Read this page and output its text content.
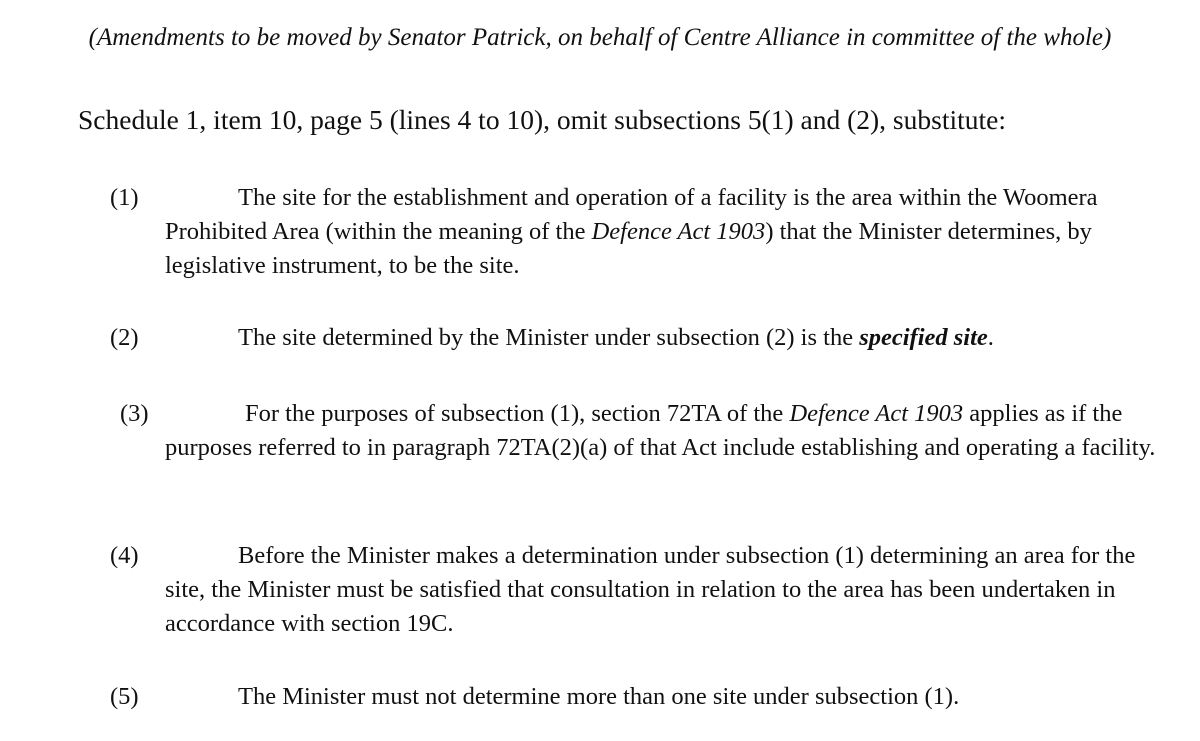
(Amendments to be moved by Senator Patrick, on behalf of Centre Alliance in committee of the whole)
Schedule 1, item 10, page 5 (lines 4 to 10), omit subsections 5(1) and (2), substitute:
(1)	The site for the establishment and operation of a facility is the area within the Woomera Prohibited Area (within the meaning of the Defence Act 1903) that the Minister determines, by legislative instrument, to be the site.
(2)	The site determined by the Minister under subsection (2) is the specified site.
(3)	For the purposes of subsection (1), section 72TA of the Defence Act 1903 applies as if the purposes referred to in paragraph 72TA(2)(a) of that Act include establishing and operating a facility.
(4)	Before the Minister makes a determination under subsection (1) determining an area for the site, the Minister must be satisfied that consultation in relation to the area has been undertaken in accordance with section 19C.
(5)	The Minister must not determine more than one site under subsection (1).
